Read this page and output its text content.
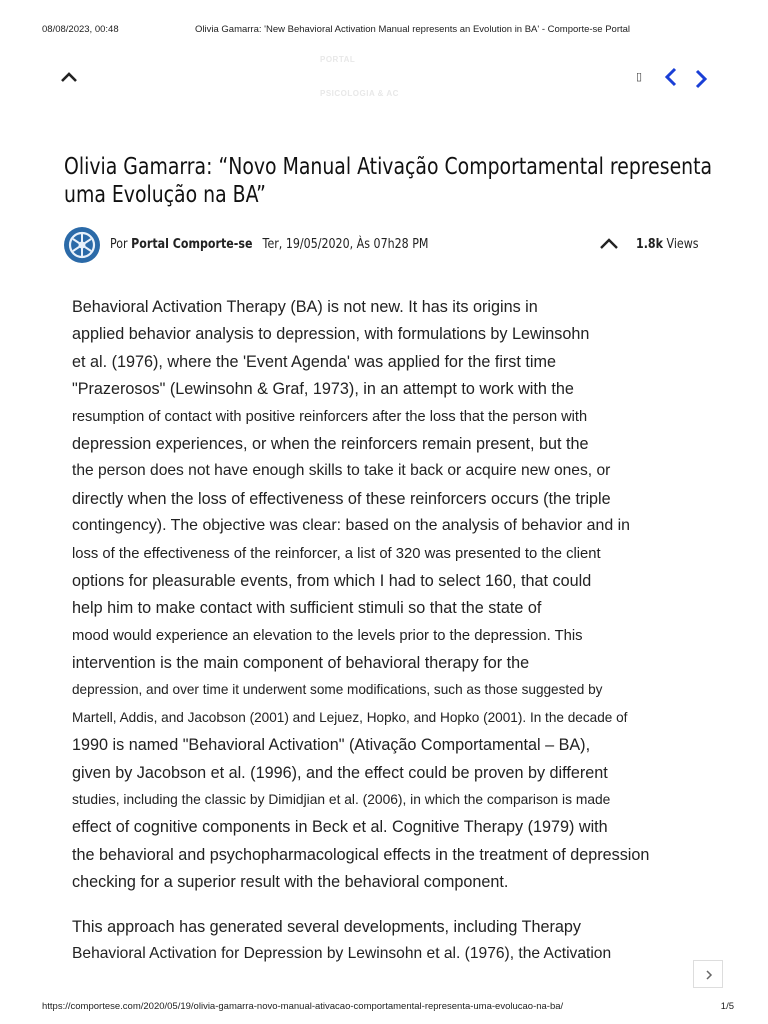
08/08/2023, 00:48	Olivia Gamarra: 'New Behavioral Activation Manual represents an Evolution in BA' - Comporte-se Portal
PORTAL
PSICOLOGIA & AC
▯
Olivia Gamarra: “Novo Manual Ativação Comportamental representa uma Evolução na BA”
Por Portal Comporte-se Ter, 19/05/2020, Às 07h28 PM	1.8k Views
Behavioral Activation Therapy (BA) is not new. It has its origins in
applied behavior analysis to depression, with formulations by Lewinsohn
et al. (1976), where the 'Event Agenda' was applied for the first time
"Prazerosos" (Lewinsohn & Graf, 1973), in an attempt to work with the
resumption of contact with positive reinforcers after the loss that the person with
depression experiences, or when the reinforcers remain present, but the
the person does not have enough skills to take it back or acquire new ones, or
directly when the loss of effectiveness of these reinforcers occurs (the triple
contingency). The objective was clear: based on the analysis of behavior and in
loss of the effectiveness of the reinforcer, a list of 320 was presented to the client
options for pleasurable events, from which I had to select 160, that could
help him to make contact with sufficient stimuli so that the state of
mood would experience an elevation to the levels prior to the depression. This
intervention is the main component of behavioral therapy for the
depression, and over time it underwent some modifications, such as those suggested by
Martell, Addis, and Jacobson (2001) and Lejuez, Hopko, and Hopko (2001). In the decade of
1990 is named "Behavioral Activation" (Ativação Comportamental – BA),
given by Jacobson et al. (1996), and the effect could be proven by different
studies, including the classic by Dimidjian et al. (2006), in which the comparison is made
effect of cognitive components in Beck et al. Cognitive Therapy (1979) with
the behavioral and psychopharmacological effects in the treatment of depression
checking for a superior result with the behavioral component.
This approach has generated several developments, including Therapy
Behavioral Activation for Depression by Lewinsohn et al. (1976), the Activation
https://comportese.com/2020/05/19/olivia-gamarra-novo-manual-ativacao-comportamental-representa-uma-evolucao-na-ba/	1/5
